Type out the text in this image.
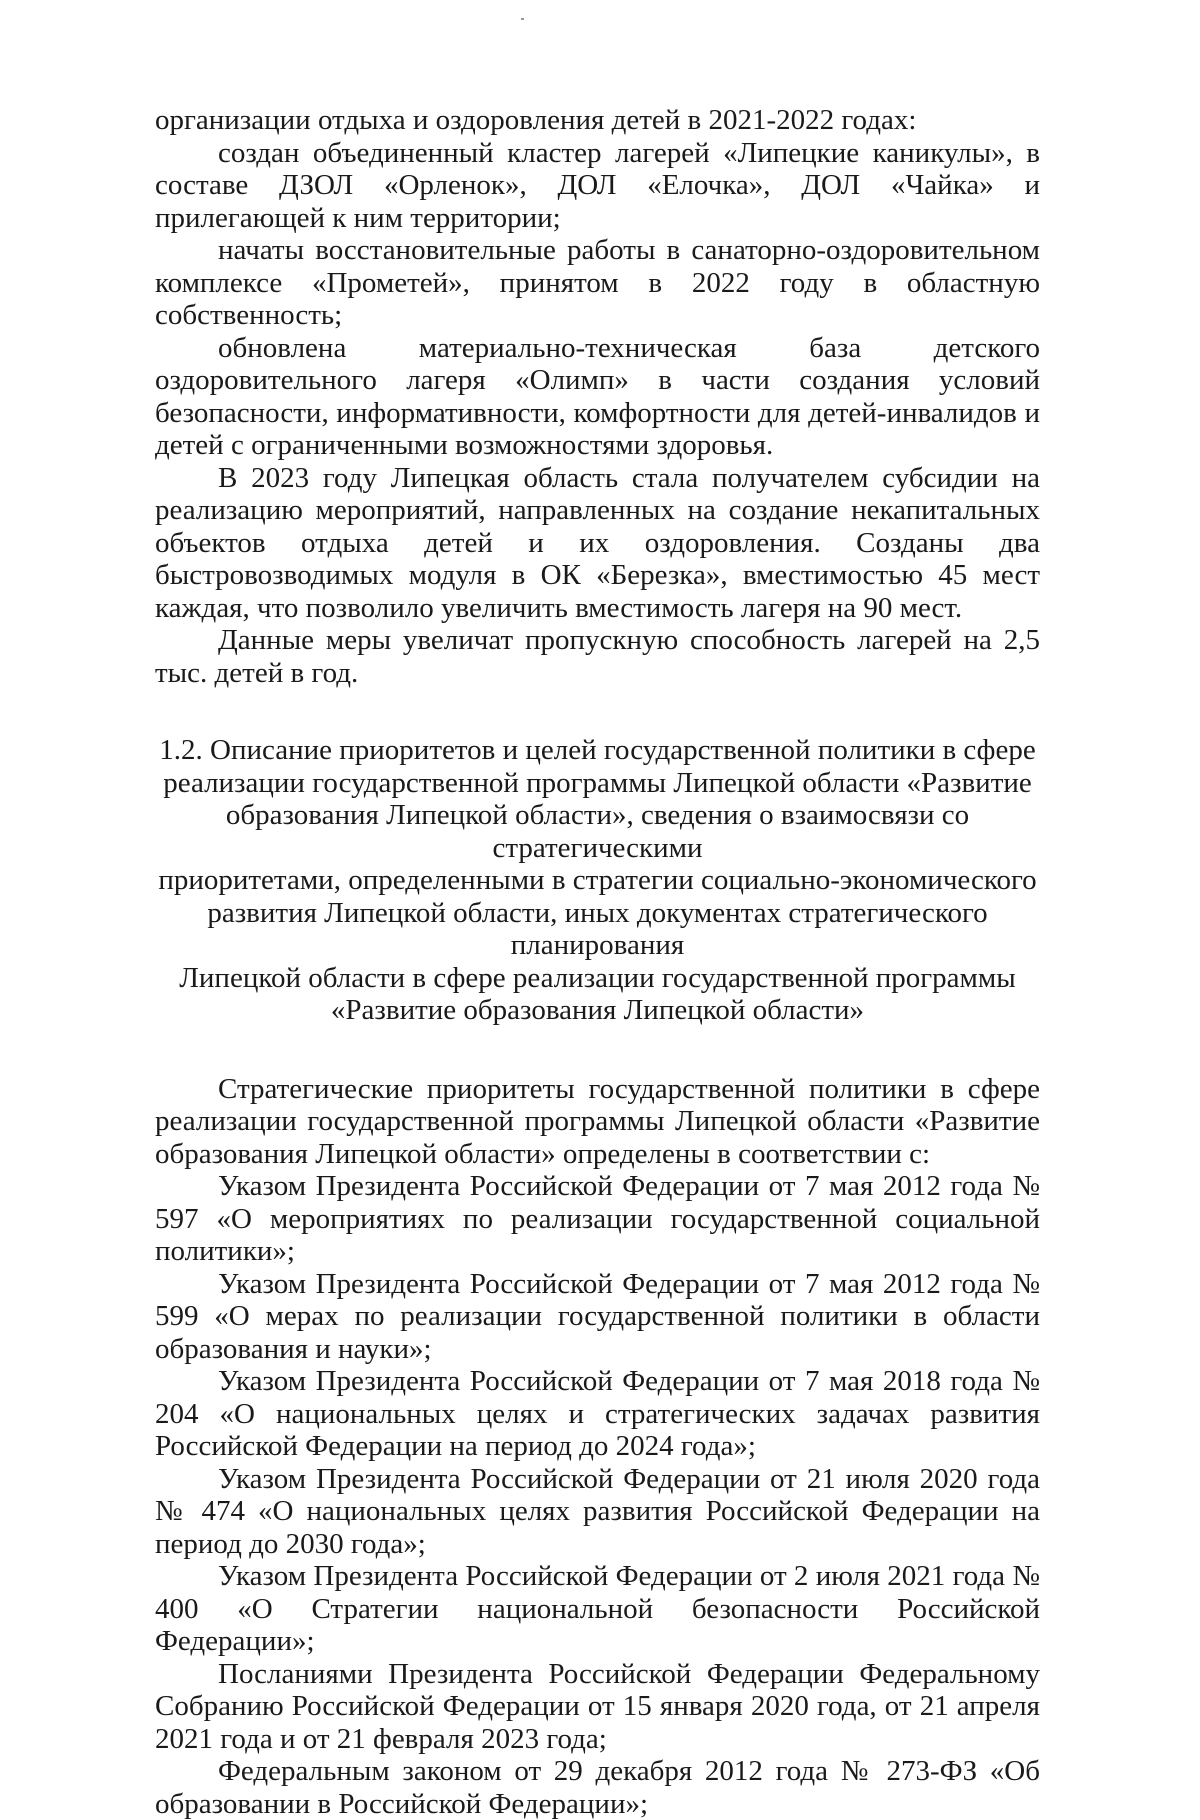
организации отдыха и оздоровления детей в 2021-2022 годах:

создан объединенный кластер лагерей «Липецкие каникулы», в составе ДЗОЛ «Орленок», ДОЛ «Елочка», ДОЛ «Чайка» и прилегающей к ним территории;

начаты восстановительные работы в санаторно-оздоровительном комплексе «Прометей», принятом в 2022 году в областную собственность;

обновлена материально-техническая база детского оздоровительного лагеря «Олимп» в части создания условий безопасности, информативности, комфортности для детей-инвалидов и детей с ограниченными возможностями здоровья.

В 2023 году Липецкая область стала получателем субсидии на реализацию мероприятий, направленных на создание некапитальных объектов отдыха детей и их оздоровления. Созданы два быстровозводимых модуля в ОК «Березка», вместимостью 45 мест каждая, что позволило увеличить вместимость лагеря на 90 мест.

Данные меры увеличат пропускную способность лагерей на 2,5 тыс. детей в год.

1.2. Описание приоритетов и целей государственной политики в сфере
реализации государственной программы Липецкой области «Развитие
образования Липецкой области», сведения о взаимосвязи со стратегическими
приоритетами, определенными в стратегии социально-экономического
развития Липецкой области, иных документах стратегического планирования
Липецкой области в сфере реализации государственной программы
«Развитие образования Липецкой области»

Стратегические приоритеты государственной политики в сфере реализации государственной программы Липецкой области «Развитие образования Липецкой области» определены в соответствии с:

Указом Президента Российской Федерации от 7 мая 2012 года № 597 «О мероприятиях по реализации государственной социальной политики»;

Указом Президента Российской Федерации от 7 мая 2012 года № 599 «О мерах по реализации государственной политики в области образования и науки»;

Указом Президента Российской Федерации от 7 мая 2018 года № 204 «О национальных целях и стратегических задачах развития Российской Федерации на период до 2024 года»;

Указом Президента Российской Федерации от 21 июля 2020 года № 474 «О национальных целях развития Российской Федерации на период до 2030 года»;

Указом Президента Российской Федерации от 2 июля 2021 года № 400 «О Стратегии национальной безопасности Российской Федерации»;

Посланиями Президента Российской Федерации Федеральному Собранию Российской Федерации от 15 января 2020 года, от 21 апреля 2021 года и от 21 февраля 2023 года;

Федеральным законом от 29 декабря 2012 года № 273-ФЗ «Об образовании в Российской Федерации»;
